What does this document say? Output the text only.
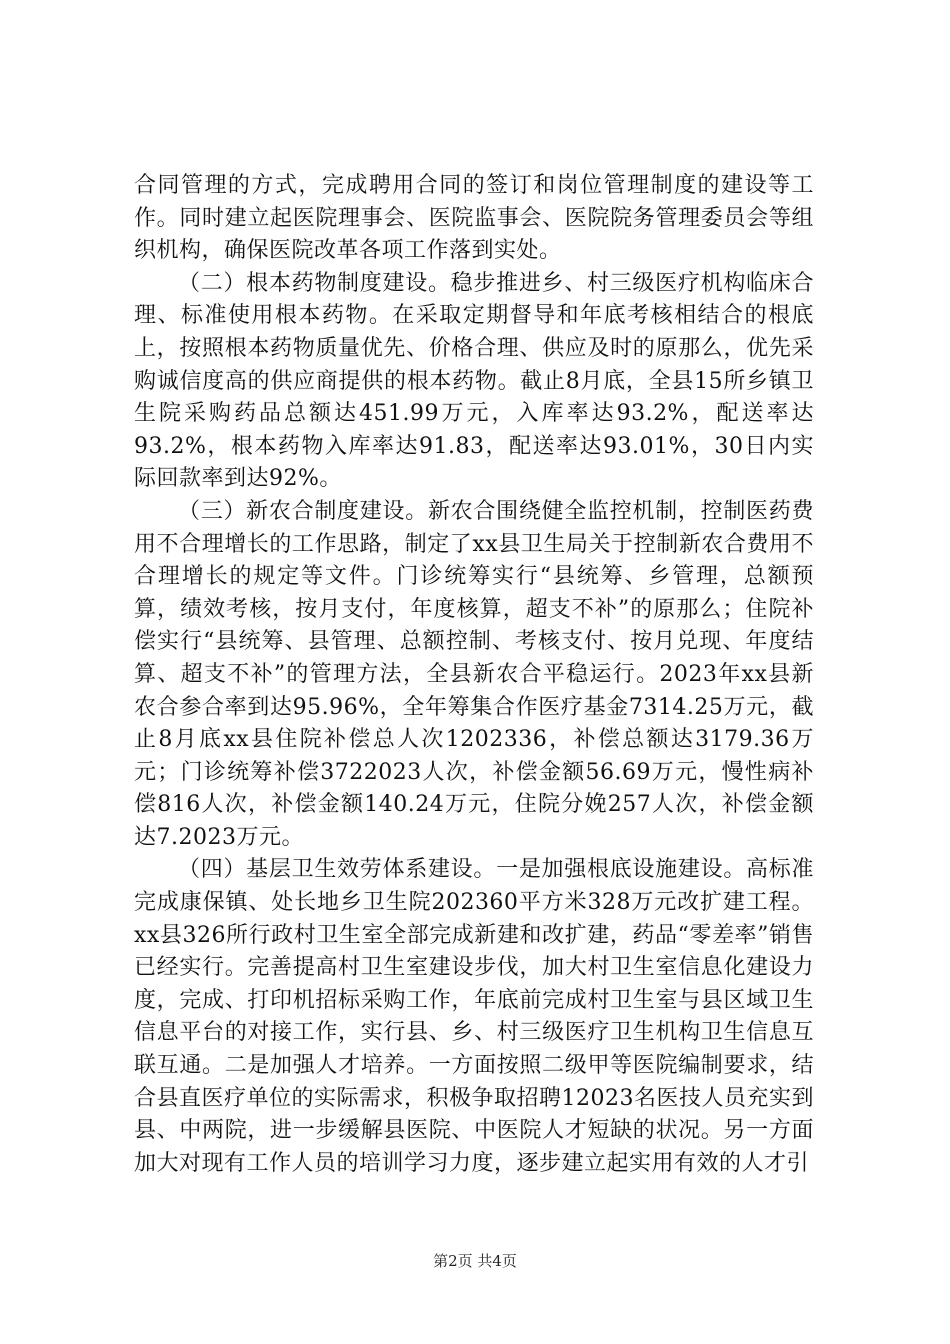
合同管理的方式，完成聘用合同的签订和岗位管理制度的建设等工作。同时建立起医院理事会、医院监事会、医院院务管理委员会等组织机构，确保医院改革各项工作落到实处。

（二）根本药物制度建设。稳步推进乡、村三级医疗机构临床合理、标准使用根本药物。在采取定期督导和年底考核相结合的根底上，按照根本药物质量优先、价格合理、供应及时的原那么，优先采购诚信度高的供应商提供的根本药物。截止8月底，全县15所乡镇卫生院采购药品总额达451.99万元，入库率达93.2%，配送率达93.2%，根本药物入库率达91.83，配送率达93.01%，30日内实际回款率到达92%。

（三）新农合制度建设。新农合围绕健全监控机制，控制医药费用不合理增长的工作思路，制定了xx县卫生局关于控制新农合费用不合理增长的规定等文件。门诊统筹实行“县统筹、乡管理，总额预算，绩效考核，按月支付，年度核算，超支不补”的原那么；住院补偿实行“县统筹、县管理、总额控制、考核支付、按月兑现、年度结算、超支不补”的管理方法，全县新农合平稳运行。2023年xx县新农合参合率到达95.96%，全年筹集合作医疗基金7314.25万元，截止8月底xx县住院补偿总人次1202336，补偿总额达3179.36万元；门诊统筹补偿3722023人次，补偿金额56.69万元，慢性病补偿816人次，补偿金额140.24万元，住院分娩257人次，补偿金额达7.2023万元。

（四）基层卫生效劳体系建设。一是加强根底设施建设。高标准完成康保镇、处长地乡卫生院202360平方米328万元改扩建工程。xx县326所行政村卫生室全部完成新建和改扩建，药品“零差率”销售已经实行。完善提高村卫生室建设步伐，加大村卫生室信息化建设力度，完成、打印机招标采购工作，年底前完成村卫生室与县区域卫生信息平台的对接工作，实行县、乡、村三级医疗卫生机构卫生信息互联互通。二是加强人才培养。一方面按照二级甲等医院编制要求，结合县直医疗单位的实际需求，积极争取招聘12023名医技人员充实到县、中两院，进一步缓解县医院、中医院人才短缺的状况。另一方面加大对现有工作人员的培训学习力度，逐步建立起实用有效的人才引

第2页 共4页
